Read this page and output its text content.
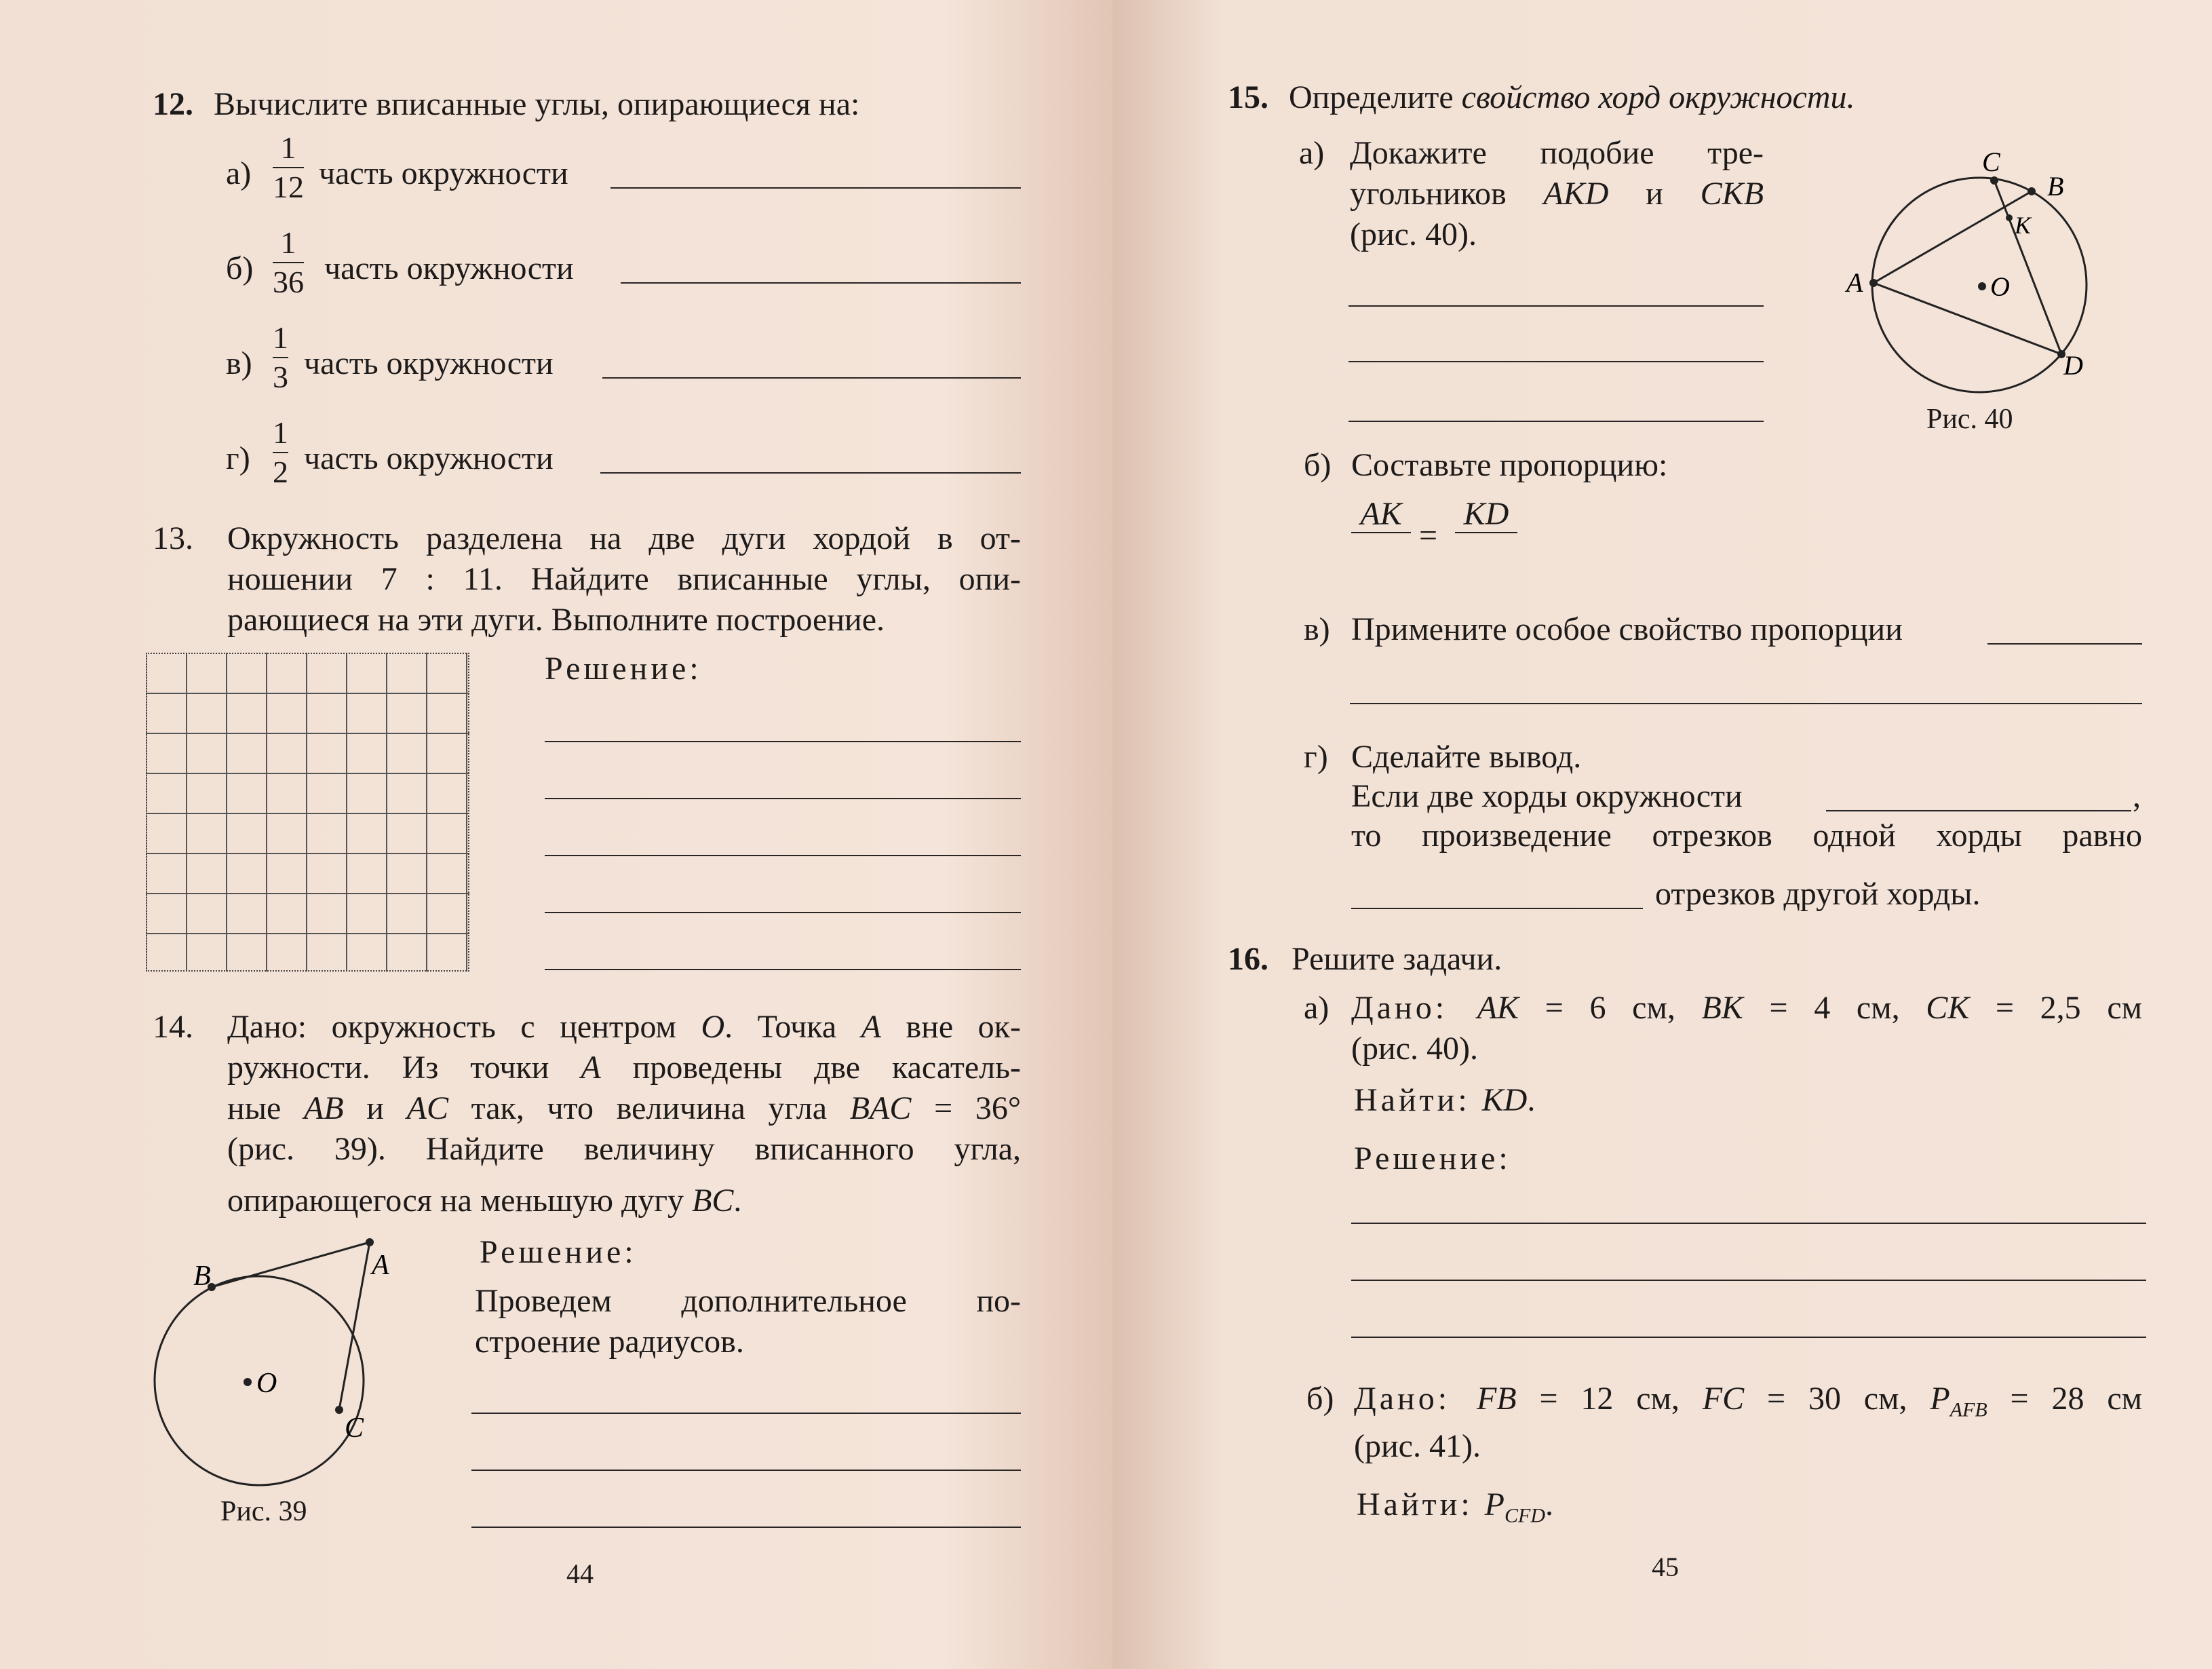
12. Вычислите вписанные углы, опирающиеся на:
а)
1
12 часть окружности
б)
1
36 часть окружности
в)
1
3 часть окружности
г)
1
2 часть окружности
13. Окружность разделена на две дуги хордой в от-
ношении 7 : 11. Найдите вписанные углы, опи-
рающиеся на эти дуги. Выполните построение.
Решение:
14. Дано: окружность с центром O. Точка A вне ок-
ружности. Из точки A проведены две касатель-
ные AB и AC так, что величина угла BAC = 36°
(рис. 39). Найдите величину вписанного угла,
опирающегося на меньшую дугу BC.
B	A
O
C
Рис. 39
Решение:
Проведем дополнительное по-
строение радиусов.
44
15. Определите свойство хорд окружности.
а) Докажите подобие тре-
угольников AKD и CKB
(рис. 40).
C
B
K
A	O
D
Рис. 40
б) Составьте пропорцию:
AK
=
KD
в) Примените особое свойство пропорции
г) Сделайте вывод.
Если две хорды окружности	,
то произведение отрезков одной хорды равно
отрезков другой хорды.
16. Решите задачи.
а) Дано: AK = 6 см, BK = 4 см, CK = 2,5 см
(рис. 40).
Найти: KD.
Решение:
б) Дано: FB = 12 см, FC = 30 см, $P_{AFB} = 28$ см
(рис. 41).
Найти: $P_{CFD}$.
45
